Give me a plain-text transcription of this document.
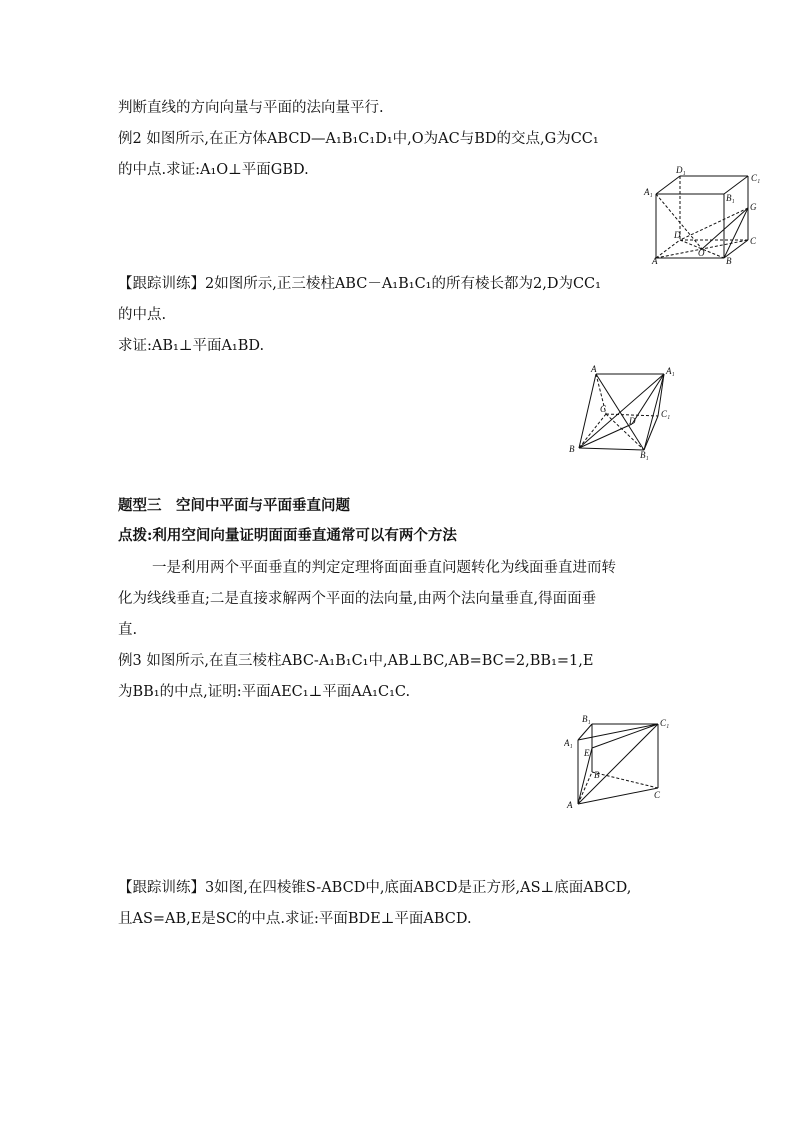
判断直线的方向向量与平面的法向量平行.
例2 如图所示,在正方体ABCD—A₁B₁C₁D₁中,O为AC与BD的交点,G为CC₁
的中点.求证:A₁O⊥平面GBD.
【跟踪训练】2如图所示,正三棱柱ABC－A₁B₁C₁的所有棱长都为2,D为CC₁
的中点.
求证:AB₁⊥平面A₁BD.
题型三　空间中平面与平面垂直问题
点拨:利用空间向量证明面面垂直通常可以有两个方法
一是利用两个平面垂直的判定定理将面面垂直问题转化为线面垂直进而转
化为线线垂直;二是直接求解两个平面的法向量,由两个法向量垂直,得面面垂
直.
例3 如图所示,在直三棱柱ABC-A₁B₁C₁中,AB⊥BC,AB=BC=2,BB₁=1,E
为BB₁的中点,证明:平面AEC₁⊥平面AA₁C₁C.
【跟踪训练】3如图,在四棱锥S-ABCD中,底面ABCD是正方形,AS⊥底面ABCD,
且AS=AB,E是SC的中点.求证:平面BDE⊥平面ABCD.
D₁
C₁
A₁
B₁
G
D
C
O
A	B
A	A₁
C	C₁
D
B
B₁
B₁	C₁
A₁
E
B
C
A
